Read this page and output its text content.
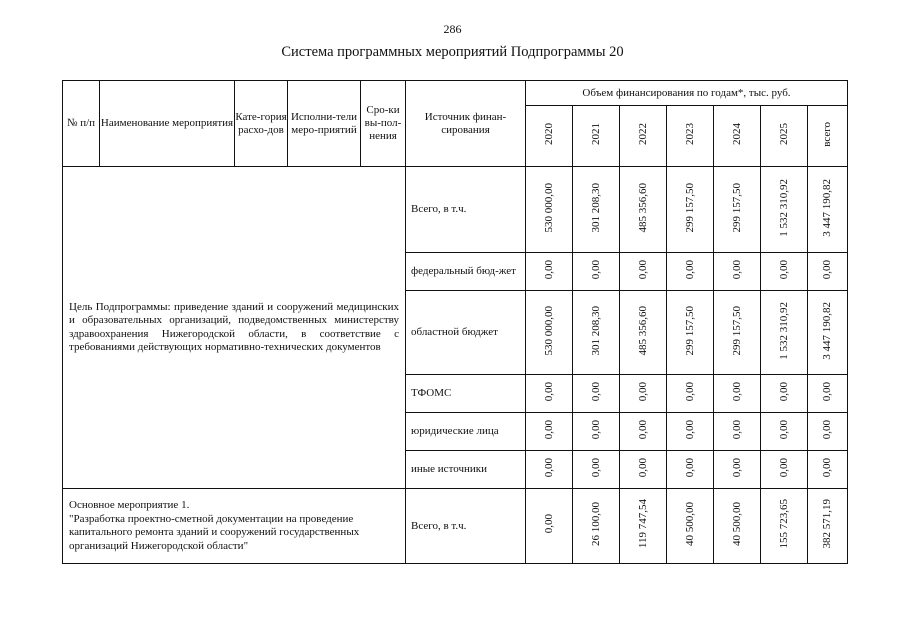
286
Система программных мероприятий Подпрограммы 20
№ п/п	Наименование мероприятия	Кате-гория расхо-дов	Исполни-тели меро-приятий	Сро-ки вы-пол-нения	Источник финан-сирования	Объем финансирования по годам*, тыс. руб.						
						2020	2021	2022	2023	2024	2025	всего
Цель Подпрограммы: приведение зданий и сооружений медицинских и образовательных организаций, подведомственных министерству здравоохранения Нижегородской области, в соответствие с требованиями действующих нормативно-технических документов					Всего, в т.ч.	530 000,00	301 208,30	485 356,60	299 157,50	299 157,50	1 532 310,92	3 447 190,82
					федеральный бюд-жет	0,00	0,00	0,00	0,00	0,00	0,00	0,00
					областной бюджет	530 000,00	301 208,30	485 356,60	299 157,50	299 157,50	1 532 310,92	3 447 190,82
					ТФОМС	0,00	0,00	0,00	0,00	0,00	0,00	0,00
					юридические лица	0,00	0,00	0,00	0,00	0,00	0,00	0,00
					иные источники	0,00	0,00	0,00	0,00	0,00	0,00	0,00

Основное мероприятие 1.
"Разработка проектно-сметной документации на проведение капитального ремонта зданий и сооружений государственных организаций Нижегородской области"					Всего, в т.ч.	0,00	26 100,00	119 747,54	40 500,00	40 500,00	155 723,65	382 571,19
